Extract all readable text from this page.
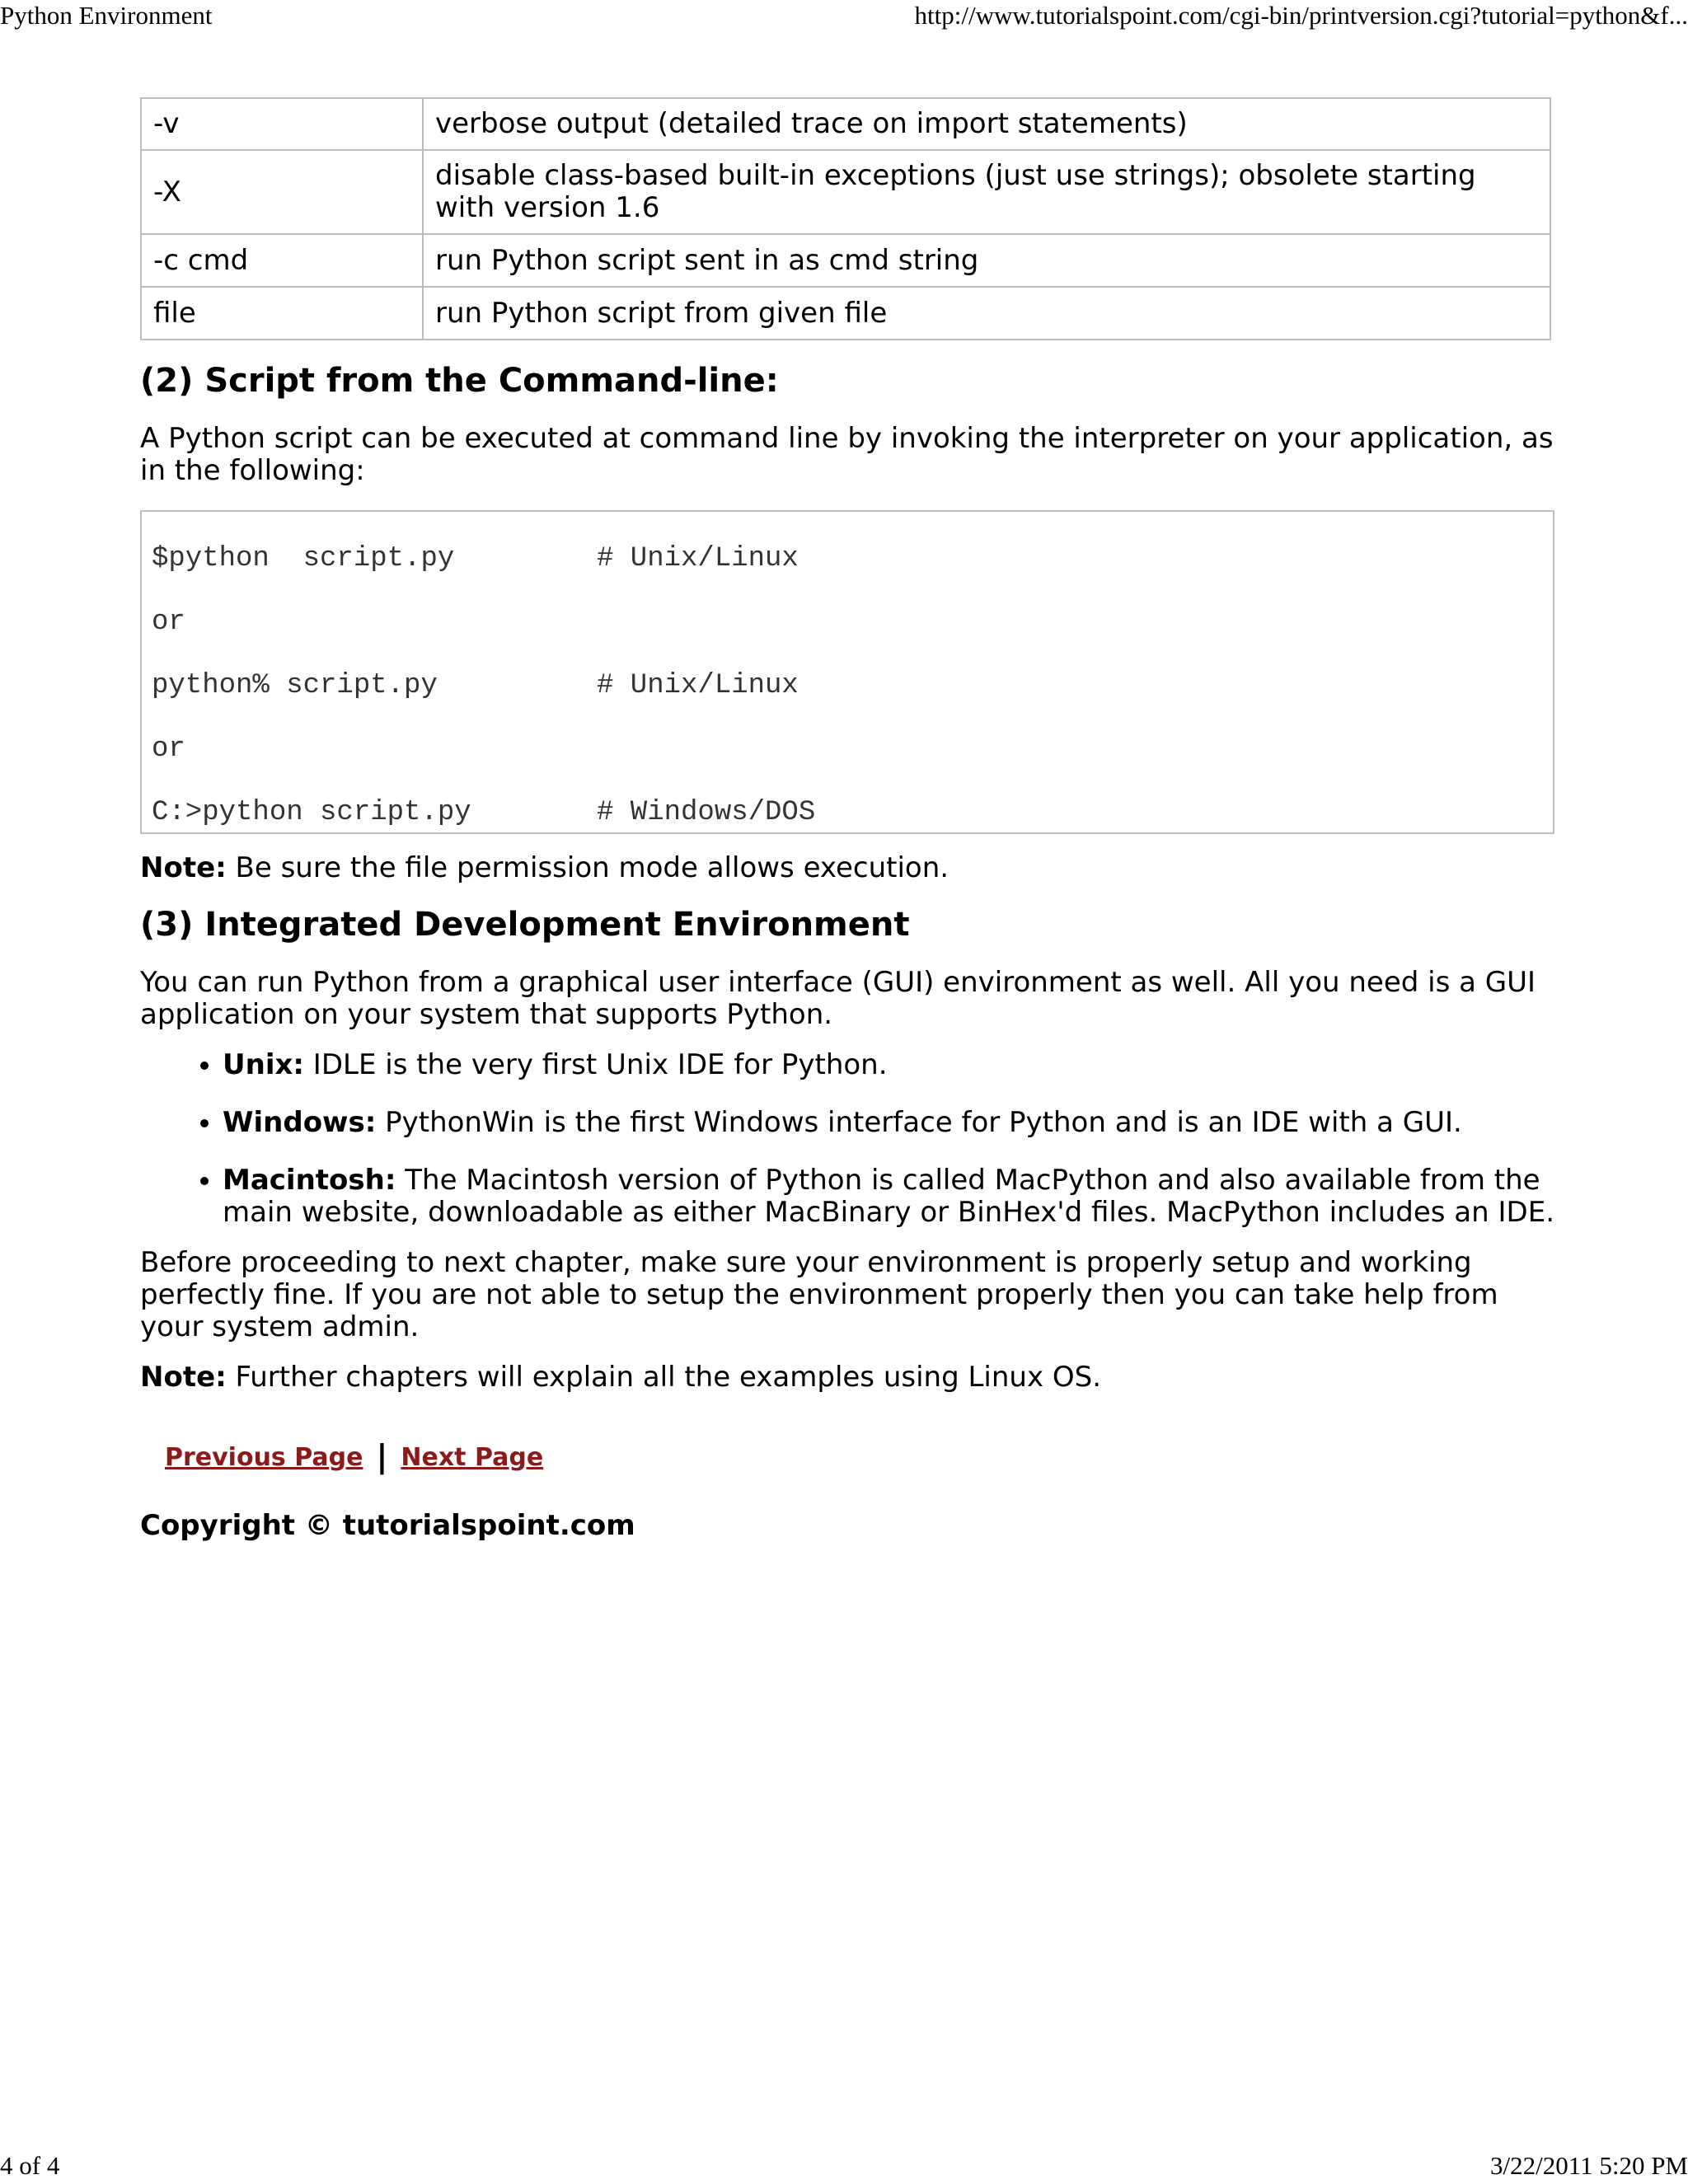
Python Environment	http://www.tutorialspoint.com/cgi-bin/printversion.cgi?tutorial=python&f...
-v	verbose output (detailed trace on import statements)
-X	disable class-based built-in exceptions (just use strings); obsolete starting with version 1.6
-c cmd	run Python script sent in as cmd string
file	run Python script from given file
(2) Script from the Command-line:

A Python script can be executed at command line by invoking the interpreter on your application, as in the following:

$python  script.py

	# Unix/Linux

or

python% script.py

	# Unix/Linux

or

C:>python script.py

	# Windows/DOS

Note: Be sure the file permission mode allows execution.

(3) Integrated Development Environment

You can run Python from a graphical user interface (GUI) environment as well. All you need is a GUI application on your system that supports Python.

• Unix: IDLE is the very first Unix IDE for Python.
• Windows: PythonWin is the first Windows interface for Python and is an IDE with a GUI.
• Macintosh: The Macintosh version of Python is called MacPython and also available from the main website, downloadable as either MacBinary or BinHex'd files. MacPython includes an IDE.

Before proceeding to next chapter, make sure your environment is properly setup and working perfectly fine. If you are not able to setup the environment properly then you can take help from your system admin.

Note: Further chapters will explain all the examples using Linux OS.

Previous Page | Next Page
Copyright © tutorialspoint.com
4 of 4	3/22/2011 5:20 PM
